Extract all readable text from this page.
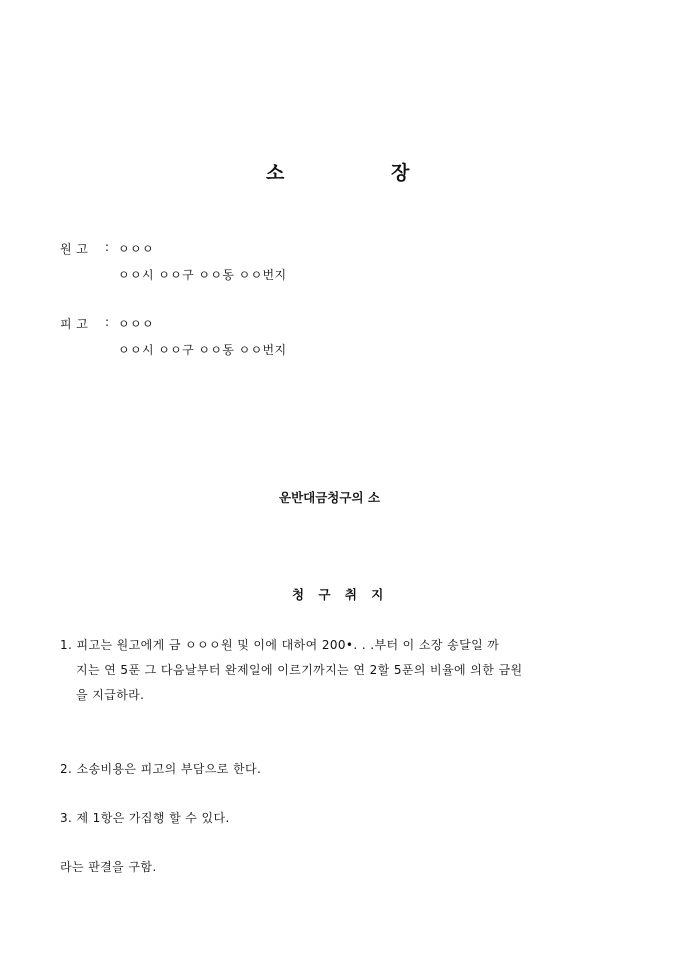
소	장
원 고 : ㅇㅇㅇ
ㅇㅇ시 ㅇㅇ구 ㅇㅇ동 ㅇㅇ번지
피 고 : ㅇㅇㅇ
ㅇㅇ시 ㅇㅇ구 ㅇㅇ동 ㅇㅇ번지
운반대금청구의 소
청 구 취 지
1. 피고는 원고에게 금 ㅇㅇㅇ원 및 이에 대하여 200•. . .부터 이 소장 송달일 까
지는 연 5푼 그 다음날부터 완제일에 이르기까지는 연 2할 5푼의 비율에 의한 금원
을 지급하라.
2. 소송비용은 피고의 부담으로 한다.
3. 제 1항은 가집행 할 수 있다.
라는 판결을 구함.
